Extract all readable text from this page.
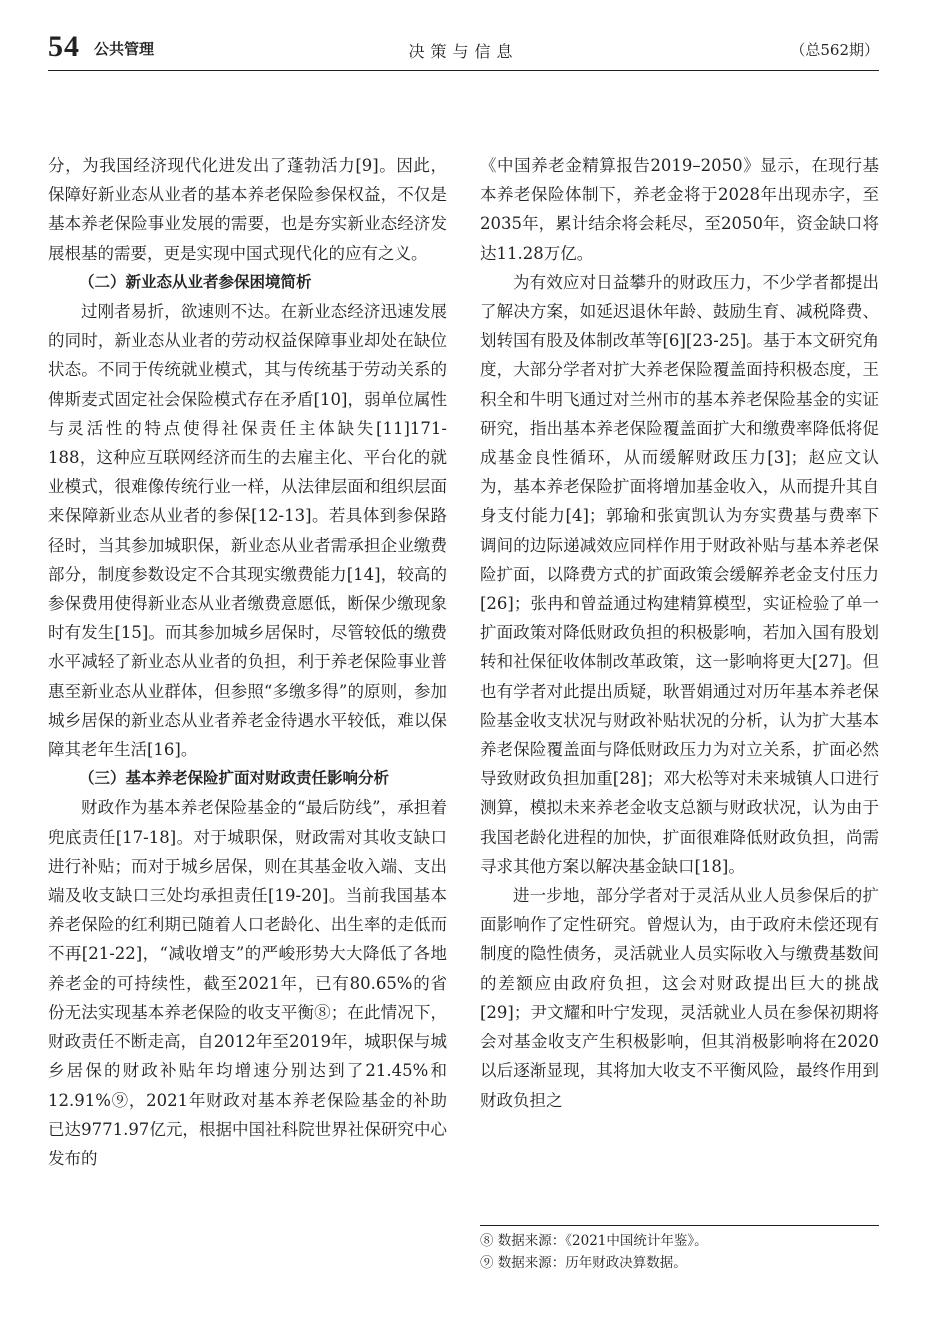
54 公共管理	决策与信息	（总562期）

分，为我国经济现代化进发出了蓬勃活力[9]。因此，保障好新业态从业者的基本养老保险参保权益，不仅是基本养老保险事业发展的需要，也是夯实新业态经济发展根基的需要，更是实现中国式现代化的应有之义。

（二）新业态从业者参保困境简析

过刚者易折，欲速则不达。在新业态经济迅速发展的同时，新业态从业者的劳动权益保障事业却处在缺位状态。不同于传统就业模式，其与传统基于劳动关系的俾斯麦式固定社会保险模式存在矛盾[10]，弱单位属性与灵活性的特点使得社保责任主体缺失[11]171-188，这种应互联网经济而生的去雇主化、平台化的就业模式，很难像传统行业一样，从法律层面和组织层面来保障新业态从业者的参保[12-13]。若具体到参保路径时，当其参加城职保，新业态从业者需承担企业缴费部分，制度参数设定不合其现实缴费能力[14]，较高的参保费用使得新业态从业者缴费意愿低，断保少缴现象时有发生[15]。而其参加城乡居保时，尽管较低的缴费水平减轻了新业态从业者的负担，利于养老保险事业普惠至新业态从业群体，但参照“多缴多得”的原则，参加城乡居保的新业态从业者养老金待遇水平较低，难以保障其老年生活[16]。

（三）基本养老保险扩面对财政责任影响分析

财政作为基本养老保险基金的“最后防线”，承担着兜底责任[17-18]。对于城职保，财政需对其收支缺口进行补贴；而对于城乡居保，则在其基金收入端、支出端及收支缺口三处均承担责任[19-20]。当前我国基本养老保险的红利期已随着人口老龄化、出生率的走低而不再[21-22]，“减收增支”的严峻形势大大降低了各地养老金的可持续性，截至2021年，已有80.65%的省份无法实现基本养老保险的收支平衡⑧；在此情况下，财政责任不断走高，自2012年至2019年，城职保与城乡居保的财政补贴年均增速分别达到了21.45%和12.91%⑨，2021年财政对基本养老保险基金的补助已达9771.97亿元，根据中国社科院世界社保研究中心发布的

《中国养老金精算报告2019–2050》显示，在现行基本养老保险体制下，养老金将于2028年出现赤字，至2035年，累计结余将会耗尽，至2050年，资金缺口将达11.28万亿。

为有效应对日益攀升的财政压力，不少学者都提出了解决方案，如延迟退休年龄、鼓励生育、减税降费、划转国有股及体制改革等[6][23-25]。基于本文研究角度，大部分学者对扩大养老保险覆盖面持积极态度，王积全和牛明飞通过对兰州市的基本养老保险基金的实证研究，指出基本养老保险覆盖面扩大和缴费率降低将促成基金良性循环，从而缓解财政压力[3]；赵应文认为，基本养老保险扩面将增加基金收入，从而提升其自身支付能力[4]；郭瑜和张寅凯认为夯实费基与费率下调间的边际递减效应同样作用于财政补贴与基本养老保险扩面，以降费方式的扩面政策会缓解养老金支付压力[26]；张冉和曾益通过构建精算模型，实证检验了单一扩面政策对降低财政负担的积极影响，若加入国有股划转和社保征收体制改革政策，这一影响将更大[27]。但也有学者对此提出质疑，耿晋娟通过对历年基本养老保险基金收支状况与财政补贴状况的分析，认为扩大基本养老保险覆盖面与降低财政压力为对立关系，扩面必然导致财政负担加重[28]；邓大松等对未来城镇人口进行测算，模拟未来养老金收支总额与财政状况，认为由于我国老龄化进程的加快，扩面很难降低财政负担，尚需寻求其他方案以解决基金缺口[18]。

进一步地，部分学者对于灵活从业人员参保后的扩面影响作了定性研究。曾煜认为，由于政府未偿还现有制度的隐性债务，灵活就业人员实际收入与缴费基数间的差额应由政府负担，这会对财政提出巨大的挑战[29]；尹文耀和叶宁发现，灵活就业人员在参保初期将会对基金收支产生积极影响，但其消极影响将在2020以后逐渐显现，其将加大收支不平衡风险，最终作用到财政负担之

⑧ 数据来源：《2021中国统计年鉴》。
⑨ 数据来源：历年财政决算数据。
